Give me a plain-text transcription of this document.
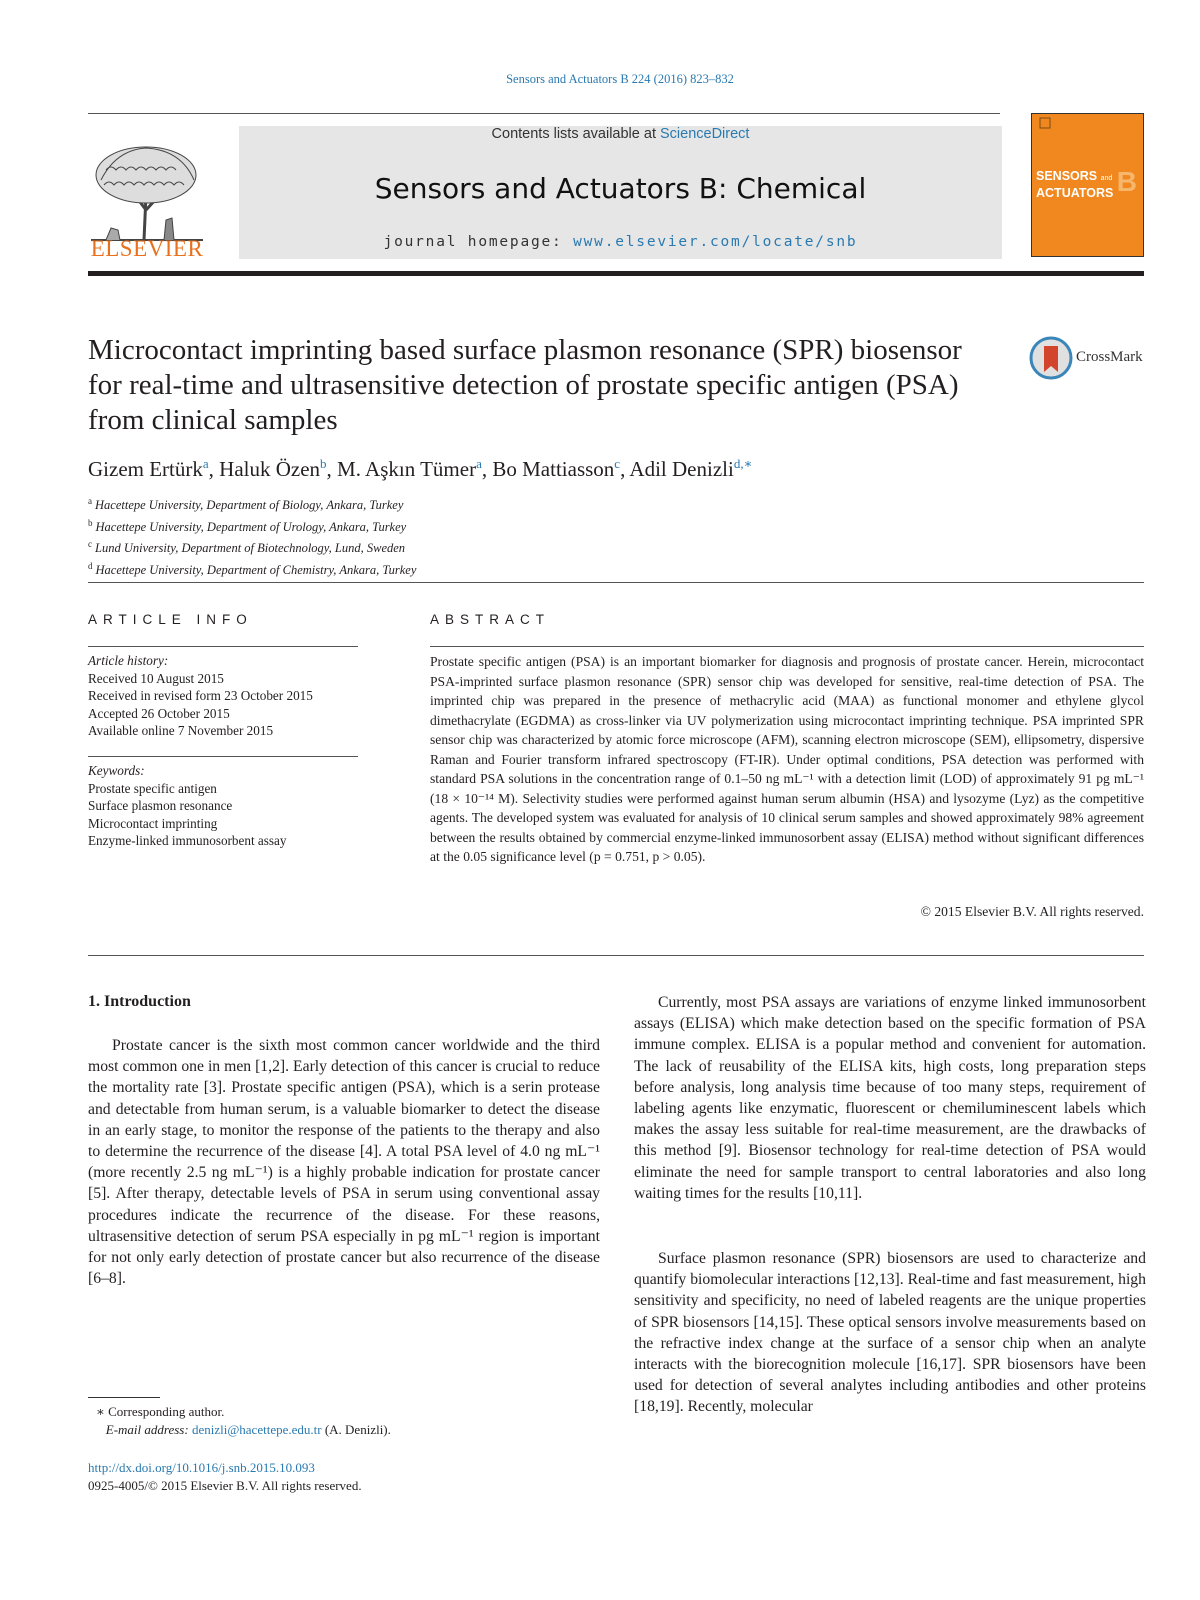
Sensors and Actuators B 224 (2016) 823–832
ELSEVIER
Contents lists available at ScienceDirect
Sensors and Actuators B: Chemical
journal homepage: www.elsevier.com/locate/snb
SENSORS and
ACTUATORS B
Microcontact imprinting based surface plasmon resonance (SPR) biosensor for real-time and ultrasensitive detection of prostate specific antigen (PSA) from clinical samples
CrossMark
Gizem Ertürk$^a$, Haluk Özen$^b$, M. Aşkın Tümer$^a$, Bo Mattiasson$^c$, Adil Denizli$^{d,∗}$
$^a$ Hacettepe University, Department of Biology, Ankara, Turkey
$^b$ Hacettepe University, Department of Urology, Ankara, Turkey
$^c$ Lund University, Department of Biotechnology, Lund, Sweden
$^d$ Hacettepe University, Department of Chemistry, Ankara, Turkey
ARTICLE INFO	ABSTRACT
Article history:
Received 10 August 2015
Received in revised form 23 October 2015
Accepted 26 October 2015
Available online 7 November 2015
Keywords:
Prostate specific antigen
Surface plasmon resonance
Microcontact imprinting
Enzyme-linked immunosorbent assay

Prostate specific antigen (PSA) is an important biomarker for diagnosis and prognosis of prostate cancer. Herein, microcontact PSA-imprinted surface plasmon resonance (SPR) sensor chip was developed for sensitive, real-time detection of PSA. The imprinted chip was prepared in the presence of methacrylic acid (MAA) as functional monomer and ethylene glycol dimethacrylate (EGDMA) as cross-linker via UV polymerization using microcontact imprinting technique. PSA imprinted SPR sensor chip was characterized by atomic force microscope (AFM), scanning electron microscope (SEM), ellipsometry, dispersive Raman and Fourier transform infrared spectroscopy (FT-IR). Under optimal conditions, PSA detection was performed with standard PSA solutions in the concentration range of 0.1–50 ng mL⁻¹ with a detection limit (LOD) of approximately 91 pg mL⁻¹ (18 × 10⁻¹⁴ M). Selectivity studies were performed against human serum albumin (HSA) and lysozyme (Lyz) as the competitive agents. The developed system was evaluated for analysis of 10 clinical serum samples and showed approximately 98% agreement between the results obtained by commercial enzyme-linked immunosorbent assay (ELISA) method without significant differences at the 0.05 significance level (p = 0.751, p > 0.05).

© 2015 Elsevier B.V. All rights reserved.
1. Introduction

Prostate cancer is the sixth most common cancer worldwide and the third most common one in men [1,2]. Early detection of this cancer is crucial to reduce the mortality rate [3]. Prostate specific antigen (PSA), which is a serin protease and detectable from human serum, is a valuable biomarker to detect the disease in an early stage, to monitor the response of the patients to the therapy and also to determine the recurrence of the disease [4]. A total PSA level of 4.0 ng mL⁻¹ (more recently 2.5 ng mL⁻¹) is a highly probable indication for prostate cancer [5]. After therapy, detectable levels of PSA in serum using conventional assay procedures indicate the recurrence of the disease. For these reasons, ultrasensitive detection of serum PSA especially in pg mL⁻¹ region is important for not only early detection of prostate cancer but also recurrence of the disease [6–8].

Currently, most PSA assays are variations of enzyme linked immunosorbent assays (ELISA) which make detection based on the specific formation of PSA immune complex. ELISA is a popular method and convenient for automation. The lack of reusability of the ELISA kits, high costs, long preparation steps before analysis, long analysis time because of too many steps, requirement of labeling agents like enzymatic, fluorescent or chemiluminescent labels which makes the assay less suitable for real-time measurement, are the drawbacks of this method [9]. Biosensor technology for real-time detection of PSA would eliminate the need for sample transport to central laboratories and also long waiting times for the results [10,11].

Surface plasmon resonance (SPR) biosensors are used to characterize and quantify biomolecular interactions [12,13]. Real-time and fast measurement, high sensitivity and specificity, no need of labeled reagents are the unique properties of SPR biosensors [14,15]. These optical sensors involve measurements based on the refractive index change at the surface of a sensor chip when an analyte interacts with the biorecognition molecule [16,17]. SPR biosensors have been used for detection of several analytes including antibodies and other proteins [18,19]. Recently, molecular

∗ Corresponding author.
E-mail address: denizli@hacettepe.edu.tr (A. Denizli).
http://dx.doi.org/10.1016/j.snb.2015.10.093
0925-4005/© 2015 Elsevier B.V. All rights reserved.
